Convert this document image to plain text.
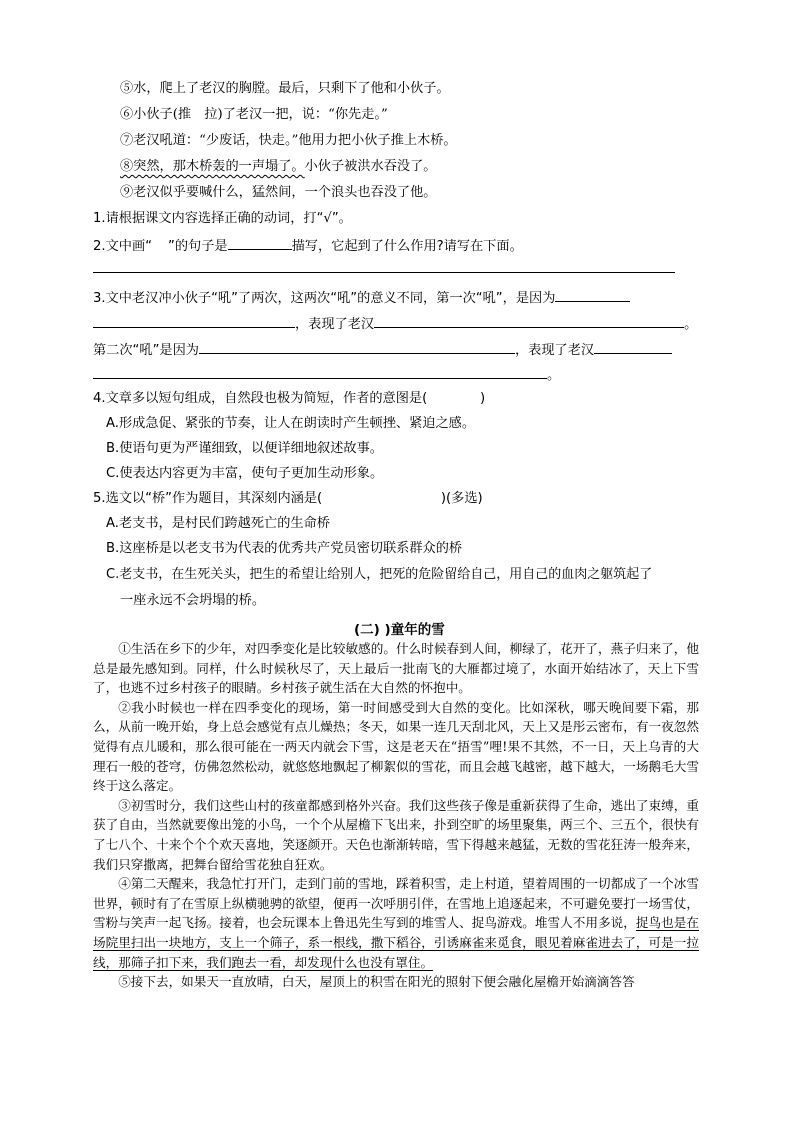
⑤水，爬上了老汉的胸膛。最后，只剩下了他和小伙子。
⑥小伙子(推　拉)了老汉一把，说：“你先走。”
⑦老汉吼道：“少废话，快走。”他用力把小伙子推上木桥。
⑧突然，那木桥轰的一声塌了。小伙子被洪水吞没了。
⑨老汉似乎要喊什么，猛然间，一个浪头也吞没了他。
1.请根据课文内容选择正确的动词，打“√”。
2.文中画“ ”的句子是	描写，它起到了什么作用?请写在下面。
3.文中老汉冲小伙子“吼”了两次，这两次“吼”的意义不同，第一次“吼”，是因为
，表现了老汉	。
第二次“吼”是因为	，表现了老汉
。
4.文章多以短句组成，自然段也极为简短，作者的意图是(　　　　)
A.形成急促、紧张的节奏，让人在朗读时产生顿挫、紧迫之感。
B.使语句更为严谨细致，以便详细地叙述故事。
C.使表达内容更为丰富，使句子更加生动形象。
5.选文以“桥”作为题目，其深刻内涵是(　　　　　　　　　)(多选)
A.老支书，是村民们跨越死亡的生命桥
B.这座桥是以老支书为代表的优秀共产党员密切联系群众的桥
C.老支书，在生死关头，把生的希望让给别人，把死的危险留给自己，用自己的血肉之躯筑起了
一座永远不会坍塌的桥。
(二) )童年的雪

①生活在乡下的少年，对四季变化是比较敏感的。什么时候春到人间，柳绿了，花开了，燕子归来了，他总是最先感知到。同样，什么时候秋尽了，天上最后一批南飞的大雁都过境了，水面开始结冰了，天上下雪了，也逃不过乡村孩子的眼睛。乡村孩子就生活在大自然的怀抱中。

②我小时候也一样在四季变化的现场，第一时间感受到大自然的变化。比如深秋，哪天晚间要下霜，那么，从前一晚开始，身上总会感觉有点儿燥热；冬天，如果一连几天刮北风，天上又是彤云密布，有一夜忽然觉得有点儿暖和，那么很可能在一两天内就会下雪，这是老天在“捂雪”哩!果不其然，不一日，天上乌青的大理石一般的苍穹，仿佛忽然松动，就悠悠地飘起了柳絮似的雪花，而且会越飞越密，越下越大，一场鹅毛大雪终于这么落定。

③初雪时分，我们这些山村的孩童都感到格外兴奋。我们这些孩子像是重新获得了生命，逃出了束缚，重获了自由，当然就要像出笼的小鸟，一个个从屋檐下飞出来，扑到空旷的场里聚集，两三个、三五个，很快有了七八个、十来个个个欢天喜地，笑逐颜开。天色也渐渐转暗，雪下得越来越猛，无数的雪花狂涛一般奔来，我们只穿撒离，把舞台留给雪花独自狂欢。

④第二天醒来，我急忙打开门，走到门前的雪地，踩着积雪，走上村道，望着周围的一切都成了一个冰雪世界，顿时有了在雪原上纵横驰骋的欲望，便再一次呼朋引伴，在雪地上追逐起来，不可避免要打一场雪仗，雪粉与笑声一起飞扬。接着，也会玩课本上鲁迅先生写到的堆雪人、捉鸟游戏。堆雪人不用多说，捉鸟也是在场院里扫出一块地方，支上一个筛子，系一根线，撒下稻谷，引诱麻雀来觅食，眼见着麻雀进去了，可是一拉线，那筛子扣下来，我们跑去一看，却发现什么也没有罩住。

⑤接下去，如果天一直放晴，白天，屋顶上的积雪在阳光的照射下便会融化屋檐开始滴滴答答
